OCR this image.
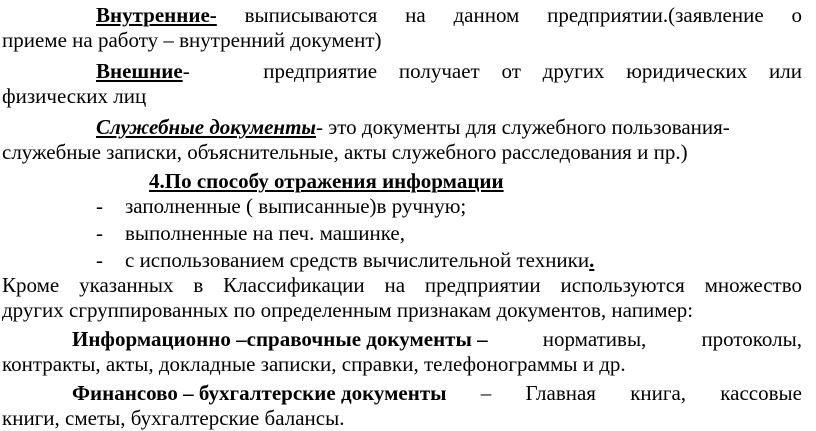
Внутренние- выписываются на данном предприятии.(заявление о
приеме на работу – внутренний документ)
Внешние-	предприятие получает от других юридических или
физических лиц
Служебные документы- это документы для служебного пользования-
служебные записки, объяснительные, акты служебного расследования и пр.)
4.По способу отражения информации
- заполненные ( выписанные)в ручную;
- выполненные на печ. машинке,
- с использованием средств вычислительной техники.
Кроме указанных в Классификации на предприятии используются множество
других сгруппированных по определенным признакам документов, напимер:
Информационно –справочные документы –	нормативы,	протоколы,
контракты, акты, докладные записки, справки, телефонограммы и др.
Финансово – бухгалтерские документы – Главная книга, кассовые
книги, сметы, бухгалтерские балансы.
